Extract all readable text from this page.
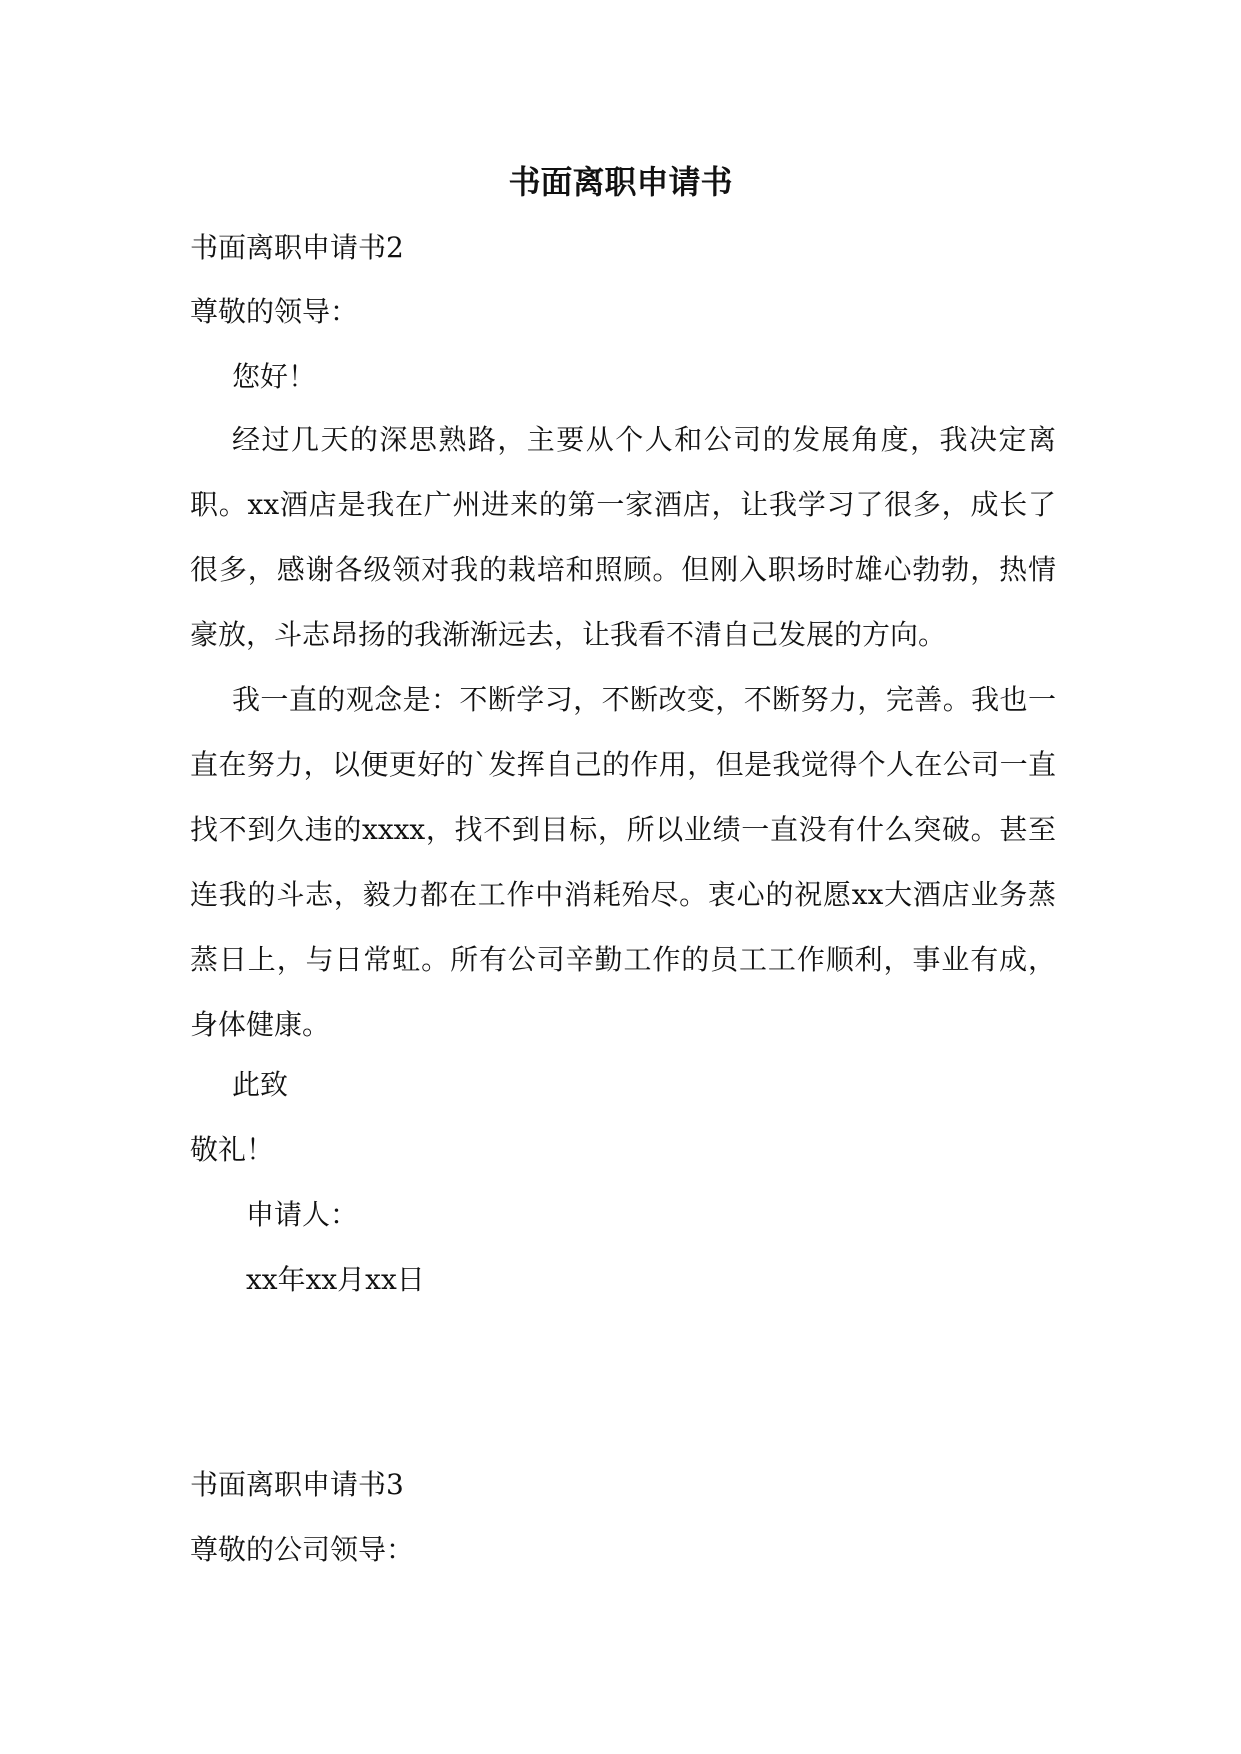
书面离职申请书
书面离职申请书2
尊敬的领导：
您好！
经过几天的深思熟路，主要从个人和公司的发展角度，我决定离职。xx酒店是我在广州进来的第一家酒店，让我学习了很多，成长了很多，感谢各级领对我的栽培和照顾。但刚入职场时雄心勃勃，热情豪放，斗志昂扬的我渐渐远去，让我看不清自己发展的方向。
我一直的观念是：不断学习，不断改变，不断努力，完善。我也一直在努力，以便更好的`发挥自己的作用，但是我觉得个人在公司一直找不到久违的xxxx，找不到目标，所以业绩一直没有什么突破。甚至连我的斗志，毅力都在工作中消耗殆尽。衷心的祝愿xx大酒店业务蒸蒸日上，与日常虹。所有公司辛勤工作的员工工作顺利，事业有成，身体健康。
此致
敬礼！
申请人：
xx年xx月xx日
书面离职申请书3
尊敬的公司领导：
